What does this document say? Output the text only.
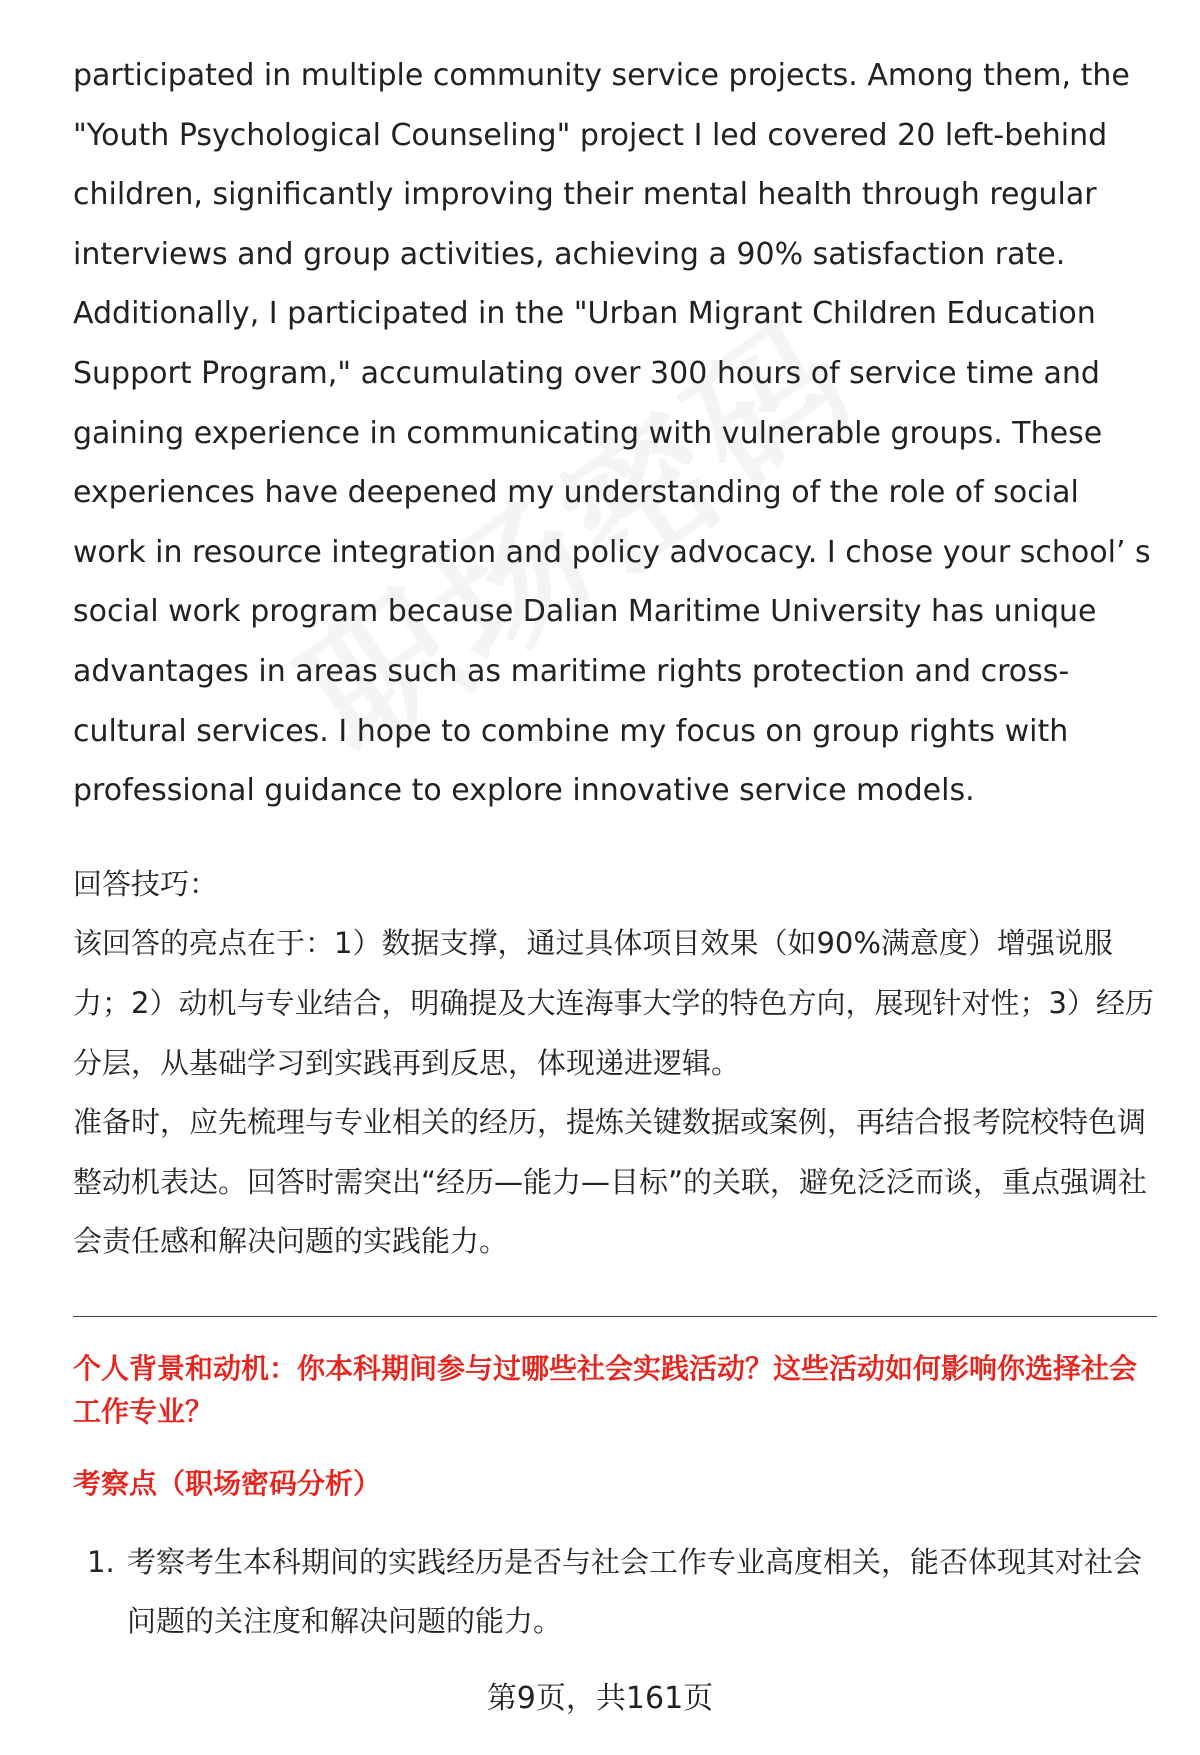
participated in multiple community service projects. Among them, the "Youth Psychological Counseling" project I led covered 20 left-behind children, significantly improving their mental health through regular interviews and group activities, achieving a 90% satisfaction rate. Additionally, I participated in the "Urban Migrant Children Education Support Program," accumulating over 300 hours of service time and gaining experience in communicating with vulnerable groups. These experiences have deepened my understanding of the role of social work in resource integration and policy advocacy. I chose your school’ s social work program because Dalian Maritime University has unique advantages in areas such as maritime rights protection and cross-cultural services. I hope to combine my focus on group rights with professional guidance to explore innovative service models.

回答技巧：

该回答的亮点在于：1）数据支撑，通过具体项目效果（如90%满意度）增强说服力；2）动机与专业结合，明确提及大连海事大学的特色方向，展现针对性；3）经历分层，从基础学习到实践再到反思，体现递进逻辑。

准备时，应先梳理与专业相关的经历，提炼关键数据或案例，再结合报考院校特色调整动机表达。回答时需突出“经历—能力—目标”的关联，避免泛泛而谈，重点强调社会责任感和解决问题的实践能力。

个人背景和动机：你本科期间参与过哪些社会实践活动？这些活动如何影响你选择社会工作专业？

考察点（职场密码分析）

1. 考察考生本科期间的实践经历是否与社会工作专业高度相关，能否体现其对社会问题的关注度和解决问题的能力。
第9页，共161页
